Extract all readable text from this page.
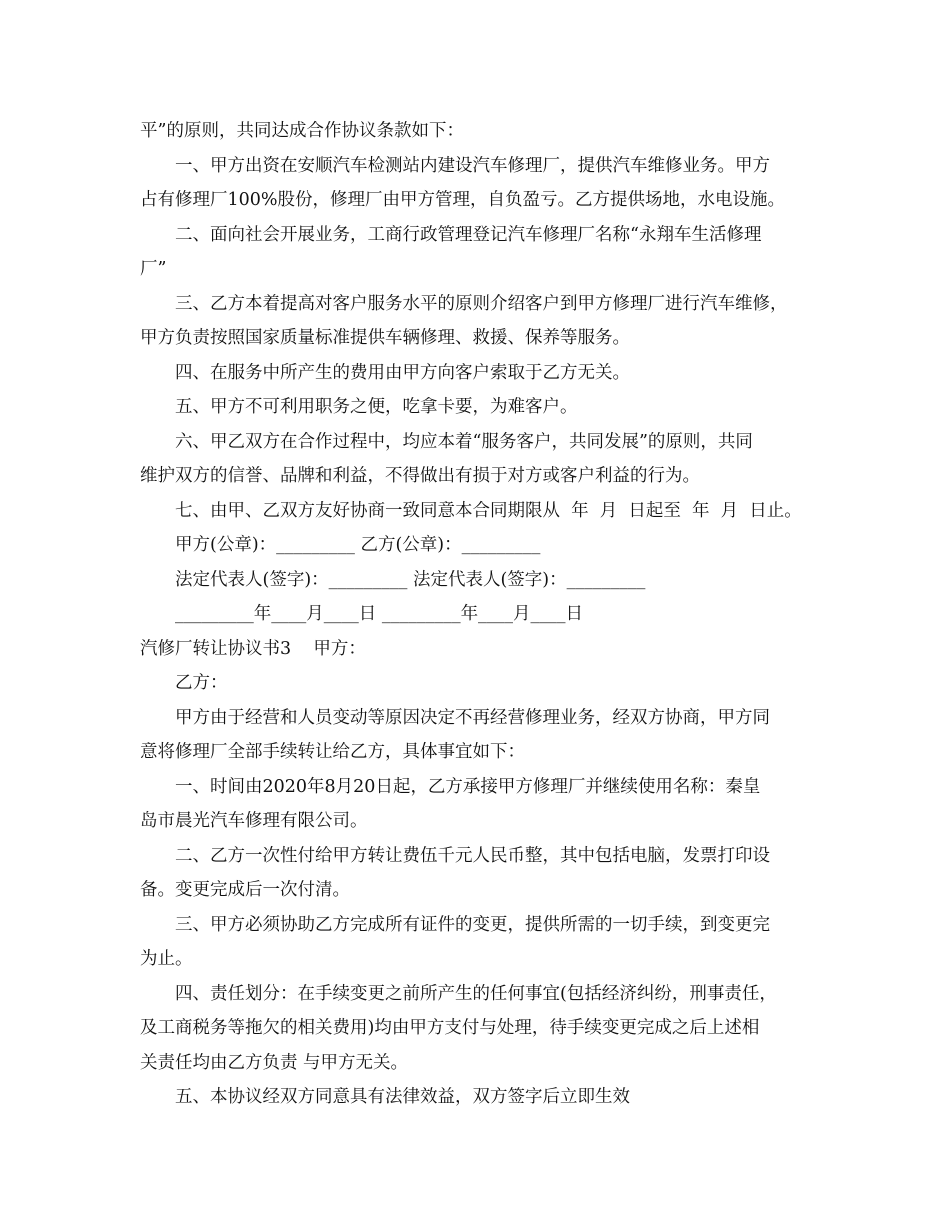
平”的原则，共同达成合作协议条款如下：
一、甲方出资在安顺汽车检测站内建设汽车修理厂，提供汽车维修业务。甲方
占有修理厂100%股份，修理厂由甲方管理，自负盈亏。乙方提供场地，水电设施。
二、面向社会开展业务，工商行政管理登记汽车修理厂名称“永翔车生活修理
厂”
三、乙方本着提高对客户服务水平的原则介绍客户到甲方修理厂进行汽车维修，
甲方负责按照国家质量标准提供车辆修理、救援、保养等服务。
四、在服务中所产生的费用由甲方向客户索取于乙方无关。
五、甲方不可利用职务之便，吃拿卡要，为难客户。
六、甲乙双方在合作过程中，均应本着“服务客户，共同发展”的原则，共同
维护双方的信誉、品牌和利益，不得做出有损于对方或客户利益的行为。
七、由甲、乙双方友好协商一致同意本合同期限从  年  月  日起至  年  月  日止。
甲方(公章)：_________ 乙方(公章)：_________
法定代表人(签字)：_________ 法定代表人(签字)：_________
_________年____月____日 _________年____月____日
汽修厂转让协议书3    甲方：
乙方：
甲方由于经营和人员变动等原因决定不再经营修理业务，经双方协商，甲方同
意将修理厂全部手续转让给乙方，具体事宜如下：
一、时间由2020年8月20日起，乙方承接甲方修理厂并继续使用名称：秦皇
岛市晨光汽车修理有限公司。
二、乙方一次性付给甲方转让费伍千元人民币整，其中包括电脑，发票打印设
备。变更完成后一次付清。
三、甲方必须协助乙方完成所有证件的变更，提供所需的一切手续，到变更完
为止。
四、责任划分：在手续变更之前所产生的任何事宜(包括经济纠纷，刑事责任，
及工商税务等拖欠的相关费用)均由甲方支付与处理，待手续变更完成之后上述相
关责任均由乙方负责 与甲方无关。
五、本协议经双方同意具有法律效益，双方签字后立即生效
